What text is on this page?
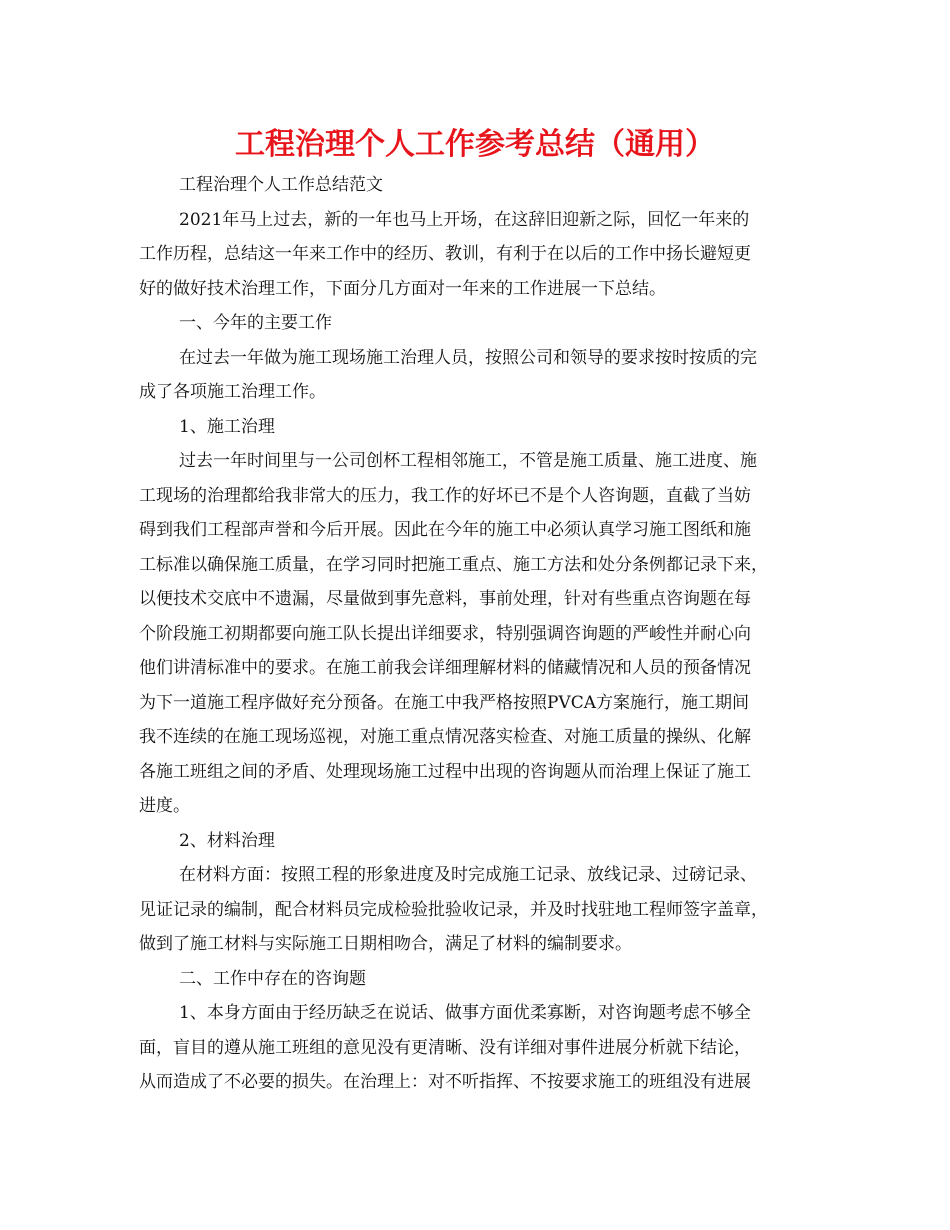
工程治理个人工作参考总结（通用）
工程治理个人工作总结范文
2021年马上过去，新的一年也马上开场，在这辞旧迎新之际，回忆一年来的
工作历程，总结这一年来工作中的经历、教训，有利于在以后的工作中扬长避短更
好的做好技术治理工作，下面分几方面对一年来的工作进展一下总结。
一、今年的主要工作
在过去一年做为施工现场施工治理人员，按照公司和领导的要求按时按质的完
成了各项施工治理工作。
1、施工治理
过去一年时间里与一公司创杯工程相邻施工，不管是施工质量、施工进度、施
工现场的治理都给我非常大的压力，我工作的好坏已不是个人咨询题，直截了当妨
碍到我们工程部声誉和今后开展。因此在今年的施工中必须认真学习施工图纸和施
工标准以确保施工质量，在学习同时把施工重点、施工方法和处分条例都记录下来，
以便技术交底中不遗漏，尽量做到事先意料，事前处理，针对有些重点咨询题在每
个阶段施工初期都要向施工队长提出详细要求，特别强调咨询题的严峻性并耐心向
他们讲清标准中的要求。在施工前我会详细理解材料的储藏情况和人员的预备情况
为下一道施工程序做好充分预备。在施工中我严格按照PVCA方案施行，施工期间
我不连续的在施工现场巡视，对施工重点情况落实检查、对施工质量的操纵、化解
各施工班组之间的矛盾、处理现场施工过程中出现的咨询题从而治理上保证了施工
进度。
2、材料治理
在材料方面：按照工程的形象进度及时完成施工记录、放线记录、过磅记录、
见证记录的编制，配合材料员完成检验批验收记录，并及时找驻地工程师签字盖章，
做到了施工材料与实际施工日期相吻合，满足了材料的编制要求。
二、工作中存在的咨询题
1、本身方面由于经历缺乏在说话、做事方面优柔寡断，对咨询题考虑不够全
面，盲目的遵从施工班组的意见没有更清晰、没有详细对事件进展分析就下结论，
从而造成了不必要的损失。在治理上：对不听指挥、不按要求施工的班组没有进展
